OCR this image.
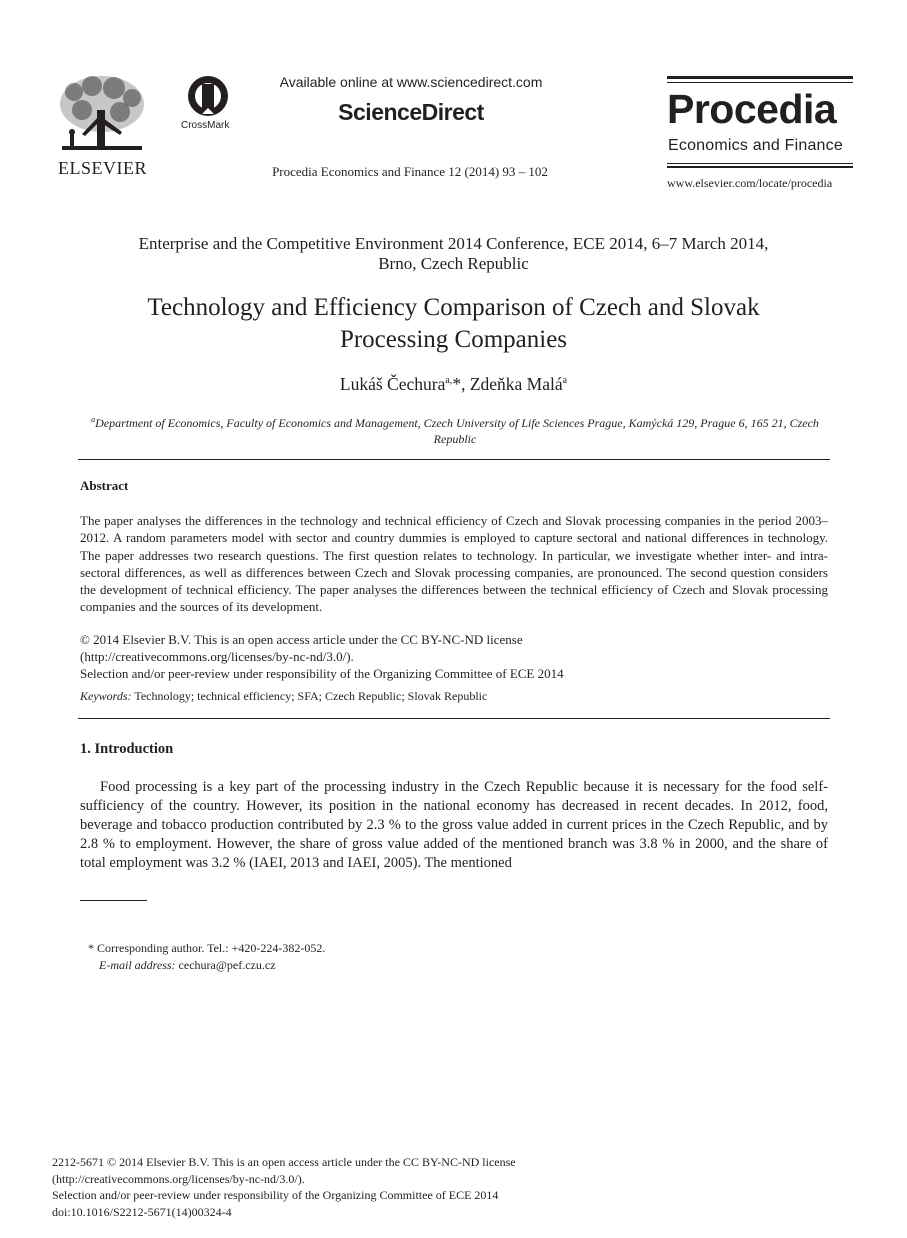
ELSEVIER
CrossMark
Available online at www.sciencedirect.com
ScienceDirect
Procedia Economics and Finance 12 (2014) 93 – 102
Procedia
Economics and Finance
www.elsevier.com/locate/procedia
Enterprise and the Competitive Environment 2014 Conference, ECE 2014, 6–7 March 2014,
Brno, Czech Republic
Technology and Efficiency Comparison of Czech and Slovak
Processing Companies
Lukáš Čechura$^{a,}$*, Zdeňka Malá$^a$
$^a$Department of Economics, Faculty of Economics and Management, Czech University of Life Sciences Prague, Kamýcká 129, Prague 6, 165 21, Czech Republic
Abstract
The paper analyses the differences in the technology and technical efficiency of Czech and Slovak processing companies in the period 2003–2012. A random parameters model with sector and country dummies is employed to capture sectoral and national differences in technology. The paper addresses two research questions. The first question relates to technology. In particular, we investigate whether inter- and intra-sectoral differences, as well as differences between Czech and Slovak processing companies, are pronounced. The second question considers the development of technical efficiency. The paper analyses the differences between the technical efficiency of Czech and Slovak processing companies and the sources of its development.
© 2014 Elsevier B.V. This is an open access article under the CC BY-NC-ND license
(http://creativecommons.org/licenses/by-nc-nd/3.0/).
Selection and/or peer-review under responsibility of the Organizing Committee of ECE 2014
Keywords: Technology; technical efficiency; SFA; Czech Republic; Slovak Republic
1. Introduction
Food processing is a key part of the processing industry in the Czech Republic because it is necessary for the food self-sufficiency of the country. However, its position in the national economy has decreased in recent decades. In 2012, food, beverage and tobacco production contributed by 2.3 % to the gross value added in current prices in the Czech Republic, and by 2.8 % to employment. However, the share of gross value added of the mentioned branch was 3.8 % in 2000, and the share of total employment was 3.2 % (IAEI, 2013 and IAEI, 2005). The mentioned
* Corresponding author. Tel.: +420-224-382-052.
E-mail address: cechura@pef.czu.cz
2212-5671 © 2014 Elsevier B.V. This is an open access article under the CC BY-NC-ND license
(http://creativecommons.org/licenses/by-nc-nd/3.0/).
Selection and/or peer-review under responsibility of the Organizing Committee of ECE 2014
doi:10.1016/S2212-5671(14)00324-4
